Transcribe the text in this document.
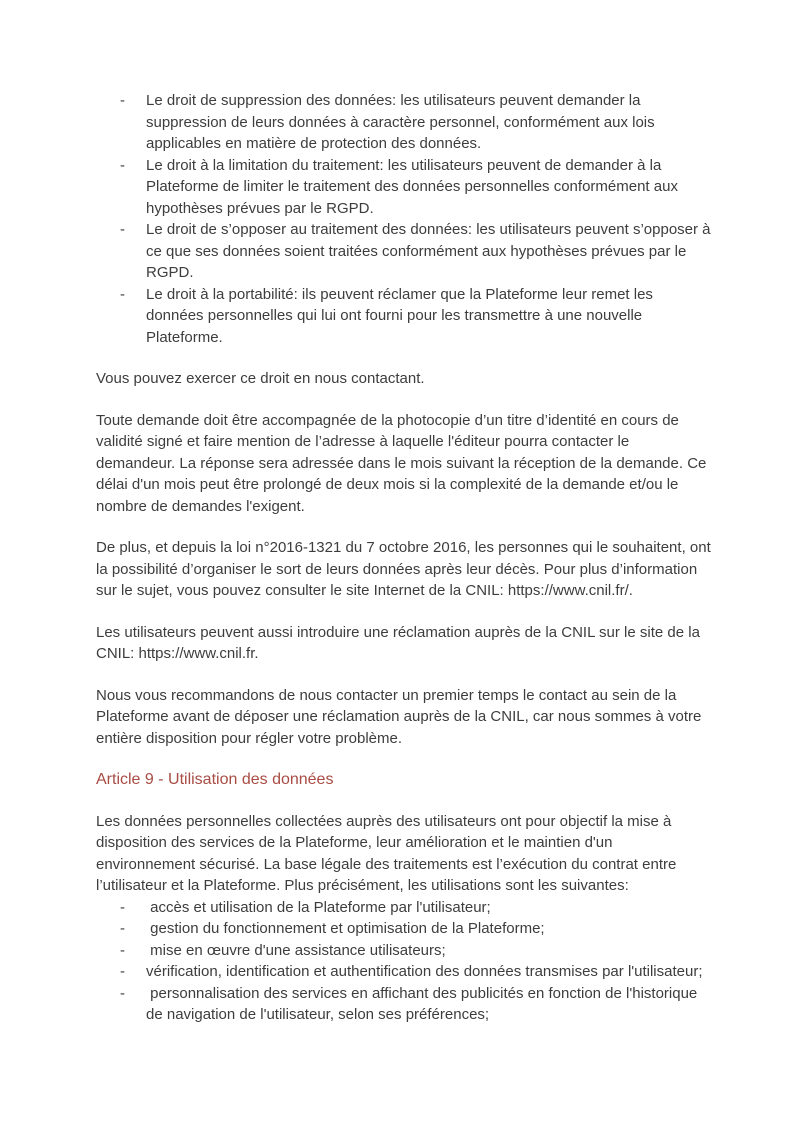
- Le droit de suppression des données: les utilisateurs peuvent demander la suppression de leurs données à caractère personnel, conformément aux lois applicables en matière de protection des données.
- Le droit à la limitation du traitement: les utilisateurs peuvent de demander à la Plateforme de limiter le traitement des données personnelles conformément aux hypothèses prévues par le RGPD.
- Le droit de s’opposer au traitement des données: les utilisateurs peuvent s’opposer à ce que ses données soient traitées conformément aux hypothèses prévues par le RGPD.
- Le droit à la portabilité: ils peuvent réclamer que la Plateforme leur remet les données personnelles qui lui ont fourni pour les transmettre à une nouvelle Plateforme.

Vous pouvez exercer ce droit en nous contactant.

Toute demande doit être accompagnée de la photocopie d’un titre d’identité en cours de validité signé et faire mention de l’adresse à laquelle l'éditeur pourra contacter le demandeur. La réponse sera adressée dans le mois suivant la réception de la demande. Ce délai d'un mois peut être prolongé de deux mois si la complexité de la demande et/ou le nombre de demandes l'exigent.

De plus, et depuis la loi n°2016-1321 du 7 octobre 2016, les personnes qui le souhaitent, ont la possibilité d’organiser le sort de leurs données après leur décès. Pour plus d’information sur le sujet, vous pouvez consulter le site Internet de la CNIL: https://www.cnil.fr/.

Les utilisateurs peuvent aussi introduire une réclamation auprès de la CNIL sur le site de la CNIL: https://www.cnil.fr.

Nous vous recommandons de nous contacter un premier temps le contact au sein de la Plateforme avant de déposer une réclamation auprès de la CNIL, car nous sommes à votre entière disposition pour régler votre problème.

Article 9 - Utilisation des données

Les données personnelles collectées auprès des utilisateurs ont pour objectif la mise à disposition des services de la Plateforme, leur amélioration et le maintien d'un environnement sécurisé. La base légale des traitements est l’exécution du contrat entre l’utilisateur et la Plateforme. Plus précisément, les utilisations sont les suivantes:

- accès et utilisation de la Plateforme par l'utilisateur;
- gestion du fonctionnement et optimisation de la Plateforme;
- mise en œuvre d'une assistance utilisateurs;
- vérification, identification et authentification des données transmises par l'utilisateur;
- personnalisation des services en affichant des publicités en fonction de l'historique de navigation de l'utilisateur, selon ses préférences;
